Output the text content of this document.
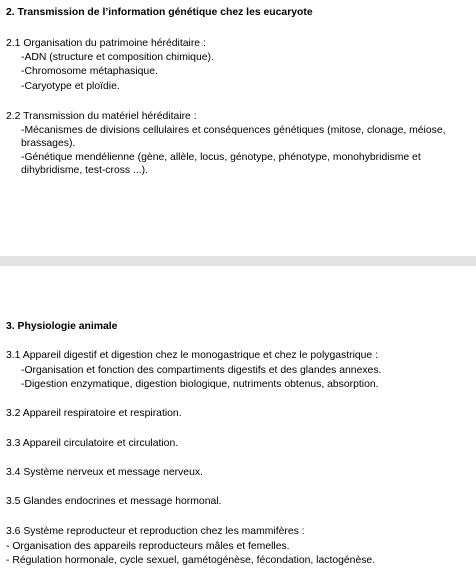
2. Transmission de l’information génétique chez les eucaryote
2.1 Organisation du patrimoine héréditaire :
-ADN (structure et composition chimique).
-Chromosome métaphasique.
-Caryotype et ploïdie.
2.2 Transmission du matériel héréditaire :
-Mécanismes de divisions cellulaires et conséquences génétiques (mitose, clonage, méiose,
brassages).
-Génétique mendélienne (gène, allèle, locus, génotype, phénotype, monohybridisme et
dihybridisme, test-cross ...).
3. Physiologie animale
3.1 Appareil digestif et digestion chez le monogastrique et chez le polygastrique :
-Organisation et fonction des compartiments digestifs et des glandes annexes.
-Digestion enzymatique, digestion biologique, nutriments obtenus, absorption.
3.2 Appareil respiratoire et respiration.
3.3 Appareil circulatoire et circulation.
3.4 Système nerveux et message nerveux.
3.5 Glandes endocrines et message hormonal.
3.6 Système reproducteur et reproduction chez les mammifères :
- Organisation des appareils reproducteurs mâles et femelles.
- Régulation hormonale, cycle sexuel, gamétogénèse, fécondation, lactogénèse.
